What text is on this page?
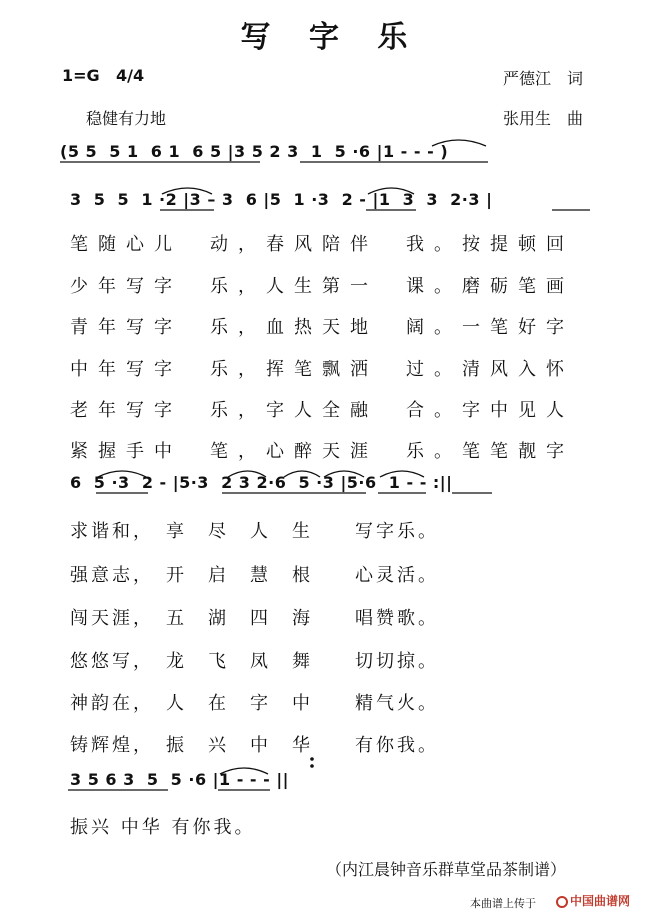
写 字 乐
1=G 4/4	严德江　词
稳健有力地	张用生　曲
(5 5  5 1  6 1  6 5 |3 5 2 3  1  5 ·6 |1 - - - )
3  5  5  1 ·2 |3 – 3  6 |5  1 ·3  2 - |1  3  3  2·3 |
笔随心儿　动，春风陪伴　我。按提顿回
少年写字　乐，人生第一　课。磨砺笔画
青年写字　乐，血热天地　阔。一笔好字
中年写字　乐，挥笔飘洒　过。清风入怀
老年写字　乐，字人全融　合。字中见人
紧握手中　笔，心醉天涯　乐。笔笔靓字
6  5 ·3  2 - |5·3  2 3 2·6  5 ·3 |5·6  1 - - :||
求谐和，　享　尽　人　生　　写字乐。
强意志，　开　启　慧　根　　心灵活。
闯天涯，　五　湖　四　海　　唱赞歌。
悠悠写，　龙　飞　凤　舞　　切切掠。
神韵在，　人　在　字　中　　精气火。
铸辉煌，　振　兴　中　华　　有你我。
3 5 6 3  5  5 ·6 |1 - - - ||
振兴 中华 有你我。
（内江晨钟音乐群草堂品茶制谱）
本曲谱上传于	中国曲谱网
